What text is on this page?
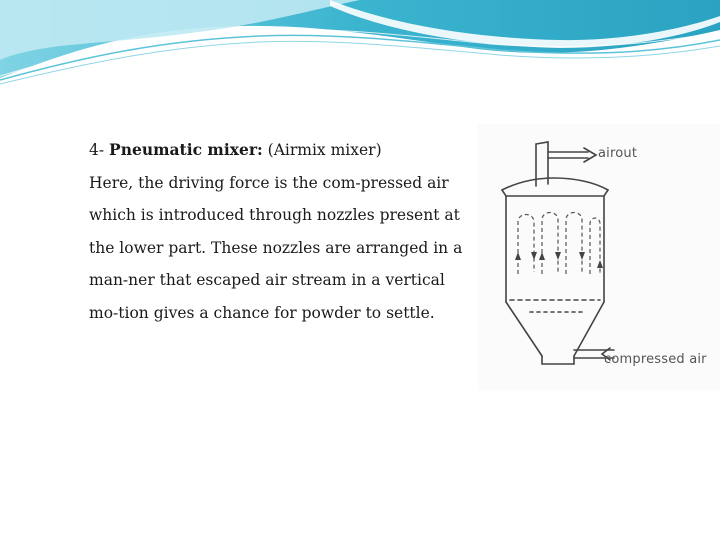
4- Pneumatic mixer: (Airmix mixer)
Here, the driving force is the com-pressed air
which is introduced through nozzles present at
the lower part. These nozzles are arranged in a
man-ner that escaped air stream in a vertical
mo-tion gives a chance for powder to settle.
airout
compressed air
